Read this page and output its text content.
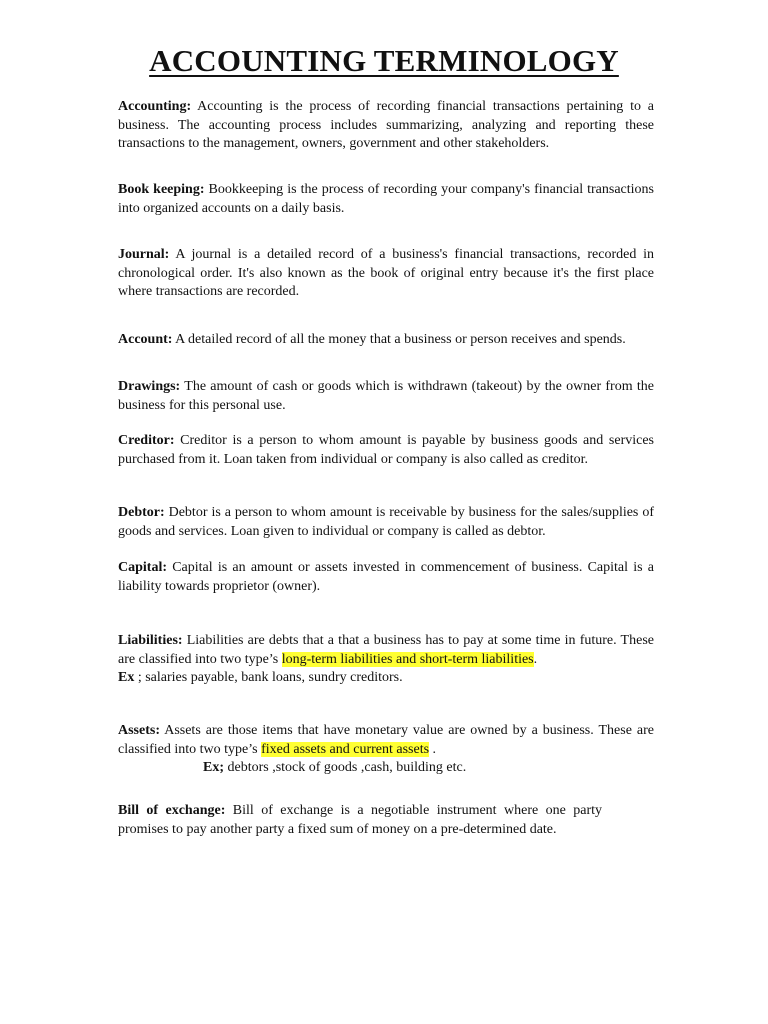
ACCOUNTING TERMINOLOGY

Accounting: Accounting is the process of recording financial transactions pertaining to a business. The accounting process includes summarizing, analyzing and reporting these transactions to the management, owners, government and other stakeholders.

Book keeping: Bookkeeping is the process of recording your company's financial transactions into organized accounts on a daily basis.

Journal: A journal is a detailed record of a business's financial transactions, recorded in chronological order. It's also known as the book of original entry because it's the first place where transactions are recorded.

Account: A detailed record of all the money that a business or person receives and spends.

Drawings: The amount of cash or goods which is withdrawn (takeout) by the owner from the business for this personal use.

Creditor: Creditor is a person to whom amount is payable by business goods and services purchased from it. Loan taken from individual or company is also called as creditor.

Debtor: Debtor is a person to whom amount is receivable by business for the sales/supplies of goods and services. Loan given to individual or company is called as debtor.

Capital: Capital is an amount or assets invested in commencement of business. Capital is a liability towards proprietor (owner).

Liabilities: Liabilities are debts that a that a business has to pay at some time in future. These are classified into two type’s long-term liabilities and short-term liabilities.
Ex ; salaries payable, bank loans, sundry creditors.

Assets: Assets are those items that have monetary value are owned by a business. These are classified into two type’s fixed assets and current assets .
Ex; debtors ,stock of goods ,cash, building etc.

Bill of exchange: Bill of exchange is a negotiable instrument where one party promises to pay another party a fixed sum of money on a pre-determined date.
